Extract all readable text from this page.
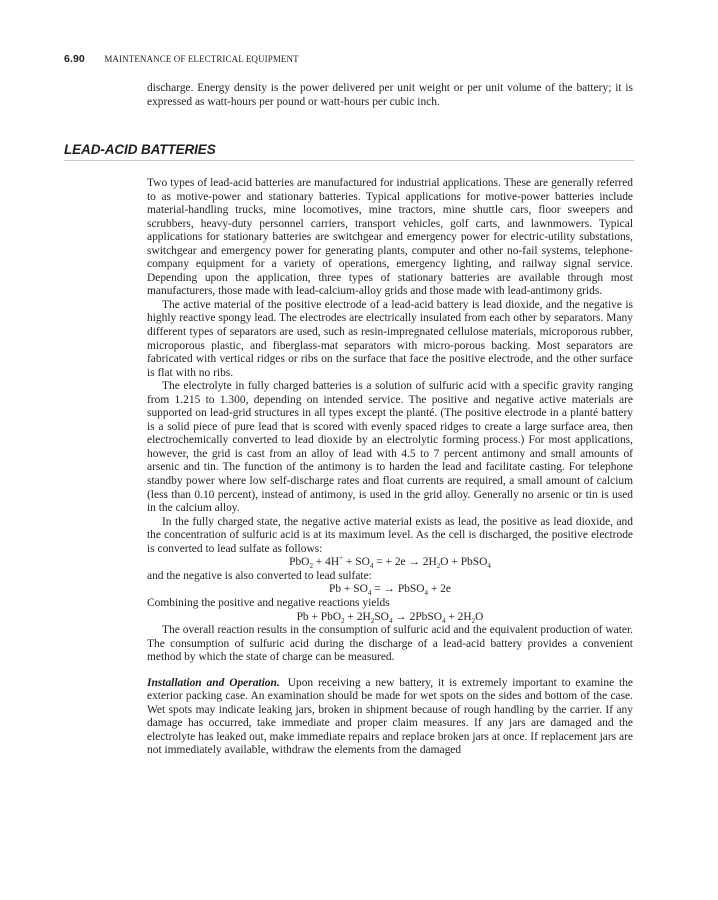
6.90 MAINTENANCE OF ELECTRICAL EQUIPMENT

discharge. Energy density is the power delivered per unit weight or per unit volume of the battery; it is expressed as watt-hours per pound or watt-hours per cubic inch.

LEAD-ACID BATTERIES

Two types of lead-acid batteries are manufactured for industrial applications. These are generally referred to as motive-power and stationary batteries. Typical applications for motive-power batteries include material-handling trucks, mine locomotives, mine tractors, mine shuttle cars, floor sweepers and scrubbers, heavy-duty personnel carriers, transport vehicles, golf carts, and lawnmowers. Typical applications for stationary batteries are switchgear and emergency power for electric-utility substations, switchgear and emergency power for generating plants, computer and other no-fail systems, telephone-company equipment for a variety of operations, emergency lighting, and railway signal service. Depending upon the application, three types of stationary batteries are available through most manufacturers, those made with lead-calcium-alloy grids and those made with lead-antimony grids.

The active material of the positive electrode of a lead-acid battery is lead dioxide, and the negative is highly reactive spongy lead. The electrodes are electrically insulated from each other by separators. Many different types of separators are used, such as resin-impregnated cellulose materials, microporous rubber, microporous plastic, and fiberglass-mat separators with micro-porous backing. Most separators are fabricated with vertical ridges or ribs on the surface that face the positive electrode, and the other surface is flat with no ribs.

The electrolyte in fully charged batteries is a solution of sulfuric acid with a specific gravity ranging from 1.215 to 1.300, depending on intended service. The positive and negative active materials are supported on lead-grid structures in all types except the planté. (The positive electrode in a planté battery is a solid piece of pure lead that is scored with evenly spaced ridges to create a large surface area, then electrochemically converted to lead dioxide by an electrolytic forming process.) For most applications, however, the grid is cast from an alloy of lead with 4.5 to 7 percent antimony and small amounts of arsenic and tin. The function of the antimony is to harden the lead and facilitate casting. For telephone standby power where low self-discharge rates and float currents are required, a small amount of calcium (less than 0.10 percent), instead of antimony, is used in the grid alloy. Generally no arsenic or tin is used in the calcium alloy.

In the fully charged state, the negative active material exists as lead, the positive as lead dioxide, and the concentration of sulfuric acid is at its maximum level. As the cell is discharged, the positive electrode is converted to lead sulfate as follows:

$PbO_2 + 4H^+ + SO_4$ = + $2e \to 2H_2O$ + PbSO$_4$

and the negative is also converted to lead sulfate:

$Pb + SO_4$ = → PbSO$_4$ + 2e

Combining the positive and negative reactions yields

$Pb + PbO_2 + 2H_2SO_4$ → 2PbSO$_4$ + $2H_2O$

The overall reaction results in the consumption of sulfuric acid and the equivalent production of water. The consumption of sulfuric acid during the discharge of a lead-acid battery provides a convenient method by which the state of charge can be measured.

Installation and Operation. Upon receiving a new battery, it is extremely important to examine the exterior packing case. An examination should be made for wet spots on the sides and bottom of the case. Wet spots may indicate leaking jars, broken in shipment because of rough handling by the carrier. If any damage has occurred, take immediate and proper claim measures. If any jars are damaged and the electrolyte has leaked out, make immediate repairs and replace broken jars at once. If replacement jars are not immediately available, withdraw the elements from the damaged
